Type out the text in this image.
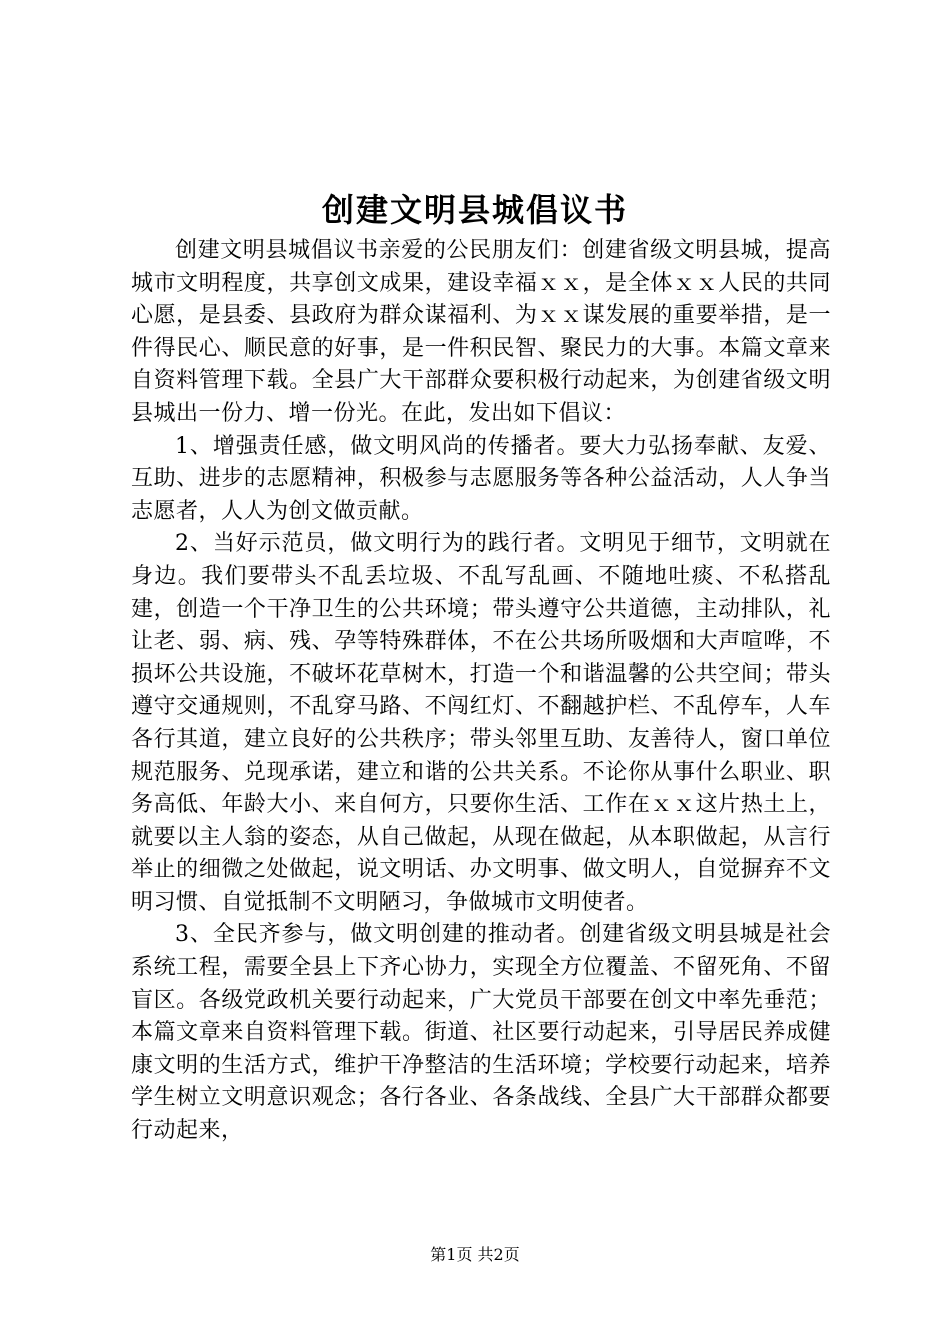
创建文明县城倡议书

创建文明县城倡议书亲爱的公民朋友们：创建省级文明县城，提高城市文明程度，共享创文成果，建设幸福ｘｘ，是全体ｘｘ人民的共同心愿，是县委、县政府为群众谋福利、为ｘｘ谋发展的重要举措，是一件得民心、顺民意的好事，是一件积民智、聚民力的大事。本篇文章来自资料管理下载。全县广大干部群众要积极行动起来，为创建省级文明县城出一份力、增一份光。在此，发出如下倡议：

1、增强责任感，做文明风尚的传播者。要大力弘扬奉献、友爱、互助、进步的志愿精神，积极参与志愿服务等各种公益活动，人人争当志愿者，人人为创文做贡献。

2、当好示范员，做文明行为的践行者。文明见于细节，文明就在身边。我们要带头不乱丢垃圾、不乱写乱画、不随地吐痰、不私搭乱建，创造一个干净卫生的公共环境；带头遵守公共道德，主动排队，礼让老、弱、病、残、孕等特殊群体，不在公共场所吸烟和大声喧哗，不损坏公共设施，不破坏花草树木，打造一个和谐温馨的公共空间；带头遵守交通规则，不乱穿马路、不闯红灯、不翻越护栏、不乱停车，人车各行其道，建立良好的公共秩序；带头邻里互助、友善待人，窗口单位规范服务、兑现承诺，建立和谐的公共关系。不论你从事什么职业、职务高低、年龄大小、来自何方，只要你生活、工作在ｘｘ这片热土上，就要以主人翁的姿态，从自己做起，从现在做起，从本职做起，从言行举止的细微之处做起，说文明话、办文明事、做文明人，自觉摒弃不文明习惯、自觉抵制不文明陋习，争做城市文明使者。

3、全民齐参与，做文明创建的推动者。创建省级文明县城是社会系统工程，需要全县上下齐心协力，实现全方位覆盖、不留死角、不留盲区。各级党政机关要行动起来，广大党员干部要在创文中率先垂范；本篇文章来自资料管理下载。街道、社区要行动起来，引导居民养成健康文明的生活方式，维护干净整洁的生活环境；学校要行动起来，培养学生树立文明意识观念；各行各业、各条战线、全县广大干部群众都要行动起来，

第1页 共2页
